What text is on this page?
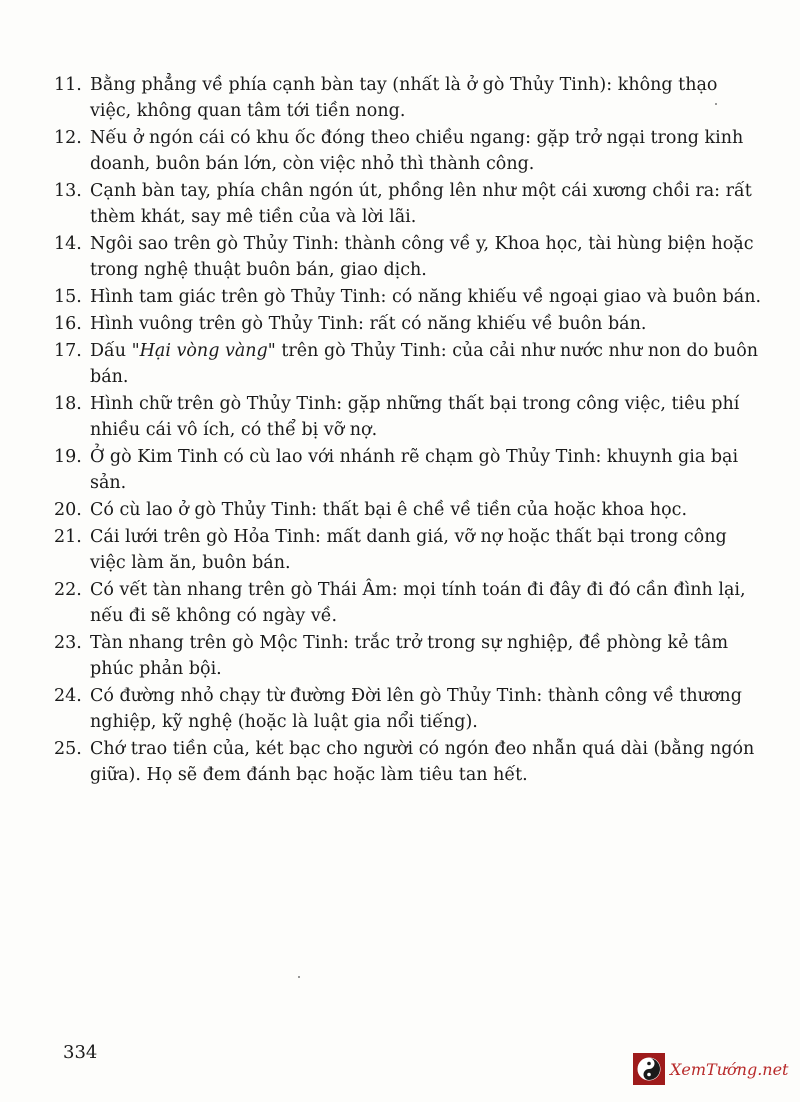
11. Bằng phẳng về phía cạnh bàn tay (nhất là ở gò Thủy Tinh): không thạo việc, không quan tâm tới tiền nong.
12. Nếu ở ngón cái có khu ốc đóng theo chiều ngang: gặp trở ngại trong kinh doanh, buôn bán lớn, còn việc nhỏ thì thành công.
13. Cạnh bàn tay, phía chân ngón út, phồng lên như một cái xương chồi ra: rất thèm khát, say mê tiền của và lời lãi.
14. Ngôi sao trên gò Thủy Tinh: thành công về y, Khoa học, tài hùng biện hoặc trong nghệ thuật buôn bán, giao dịch.
15. Hình tam giác trên gò Thủy Tinh: có năng khiếu về ngoại giao và buôn bán.
16. Hình vuông trên gò Thủy Tinh: rất có năng khiếu về buôn bán.
17. Dấu "Hại vòng vàng" trên gò Thủy Tinh: của cải như nước như non do buôn bán.
18. Hình chữ trên gò Thủy Tinh: gặp những thất bại trong công việc, tiêu phí nhiều cái vô ích, có thể bị vỡ nợ.
19. Ở gò Kim Tinh có cù lao với nhánh rẽ chạm gò Thủy Tinh: khuynh gia bại sản.
20. Có cù lao ở gò Thủy Tinh: thất bại ê chề về tiền của hoặc khoa học.
21. Cái lưới trên gò Hỏa Tinh: mất danh giá, vỡ nợ hoặc thất bại trong công việc làm ăn, buôn bán.
22. Có vết tàn nhang trên gò Thái Âm: mọi tính toán đi đây đi đó cần đình lại, nếu đi sẽ không có ngày về.
23. Tàn nhang trên gò Mộc Tinh: trắc trở trong sự nghiệp, đề phòng kẻ tâm phúc phản bội.
24. Có đường nhỏ chạy từ đường Đời lên gò Thủy Tinh: thành công về thương nghiệp, kỹ nghệ (hoặc là luật gia nổi tiếng).
25. Chớ trao tiền của, két bạc cho người có ngón đeo nhẫn quá dài (bằng ngón giữa). Họ sẽ đem đánh bạc hoặc làm tiêu tan hết.
334
XemTướng.net
